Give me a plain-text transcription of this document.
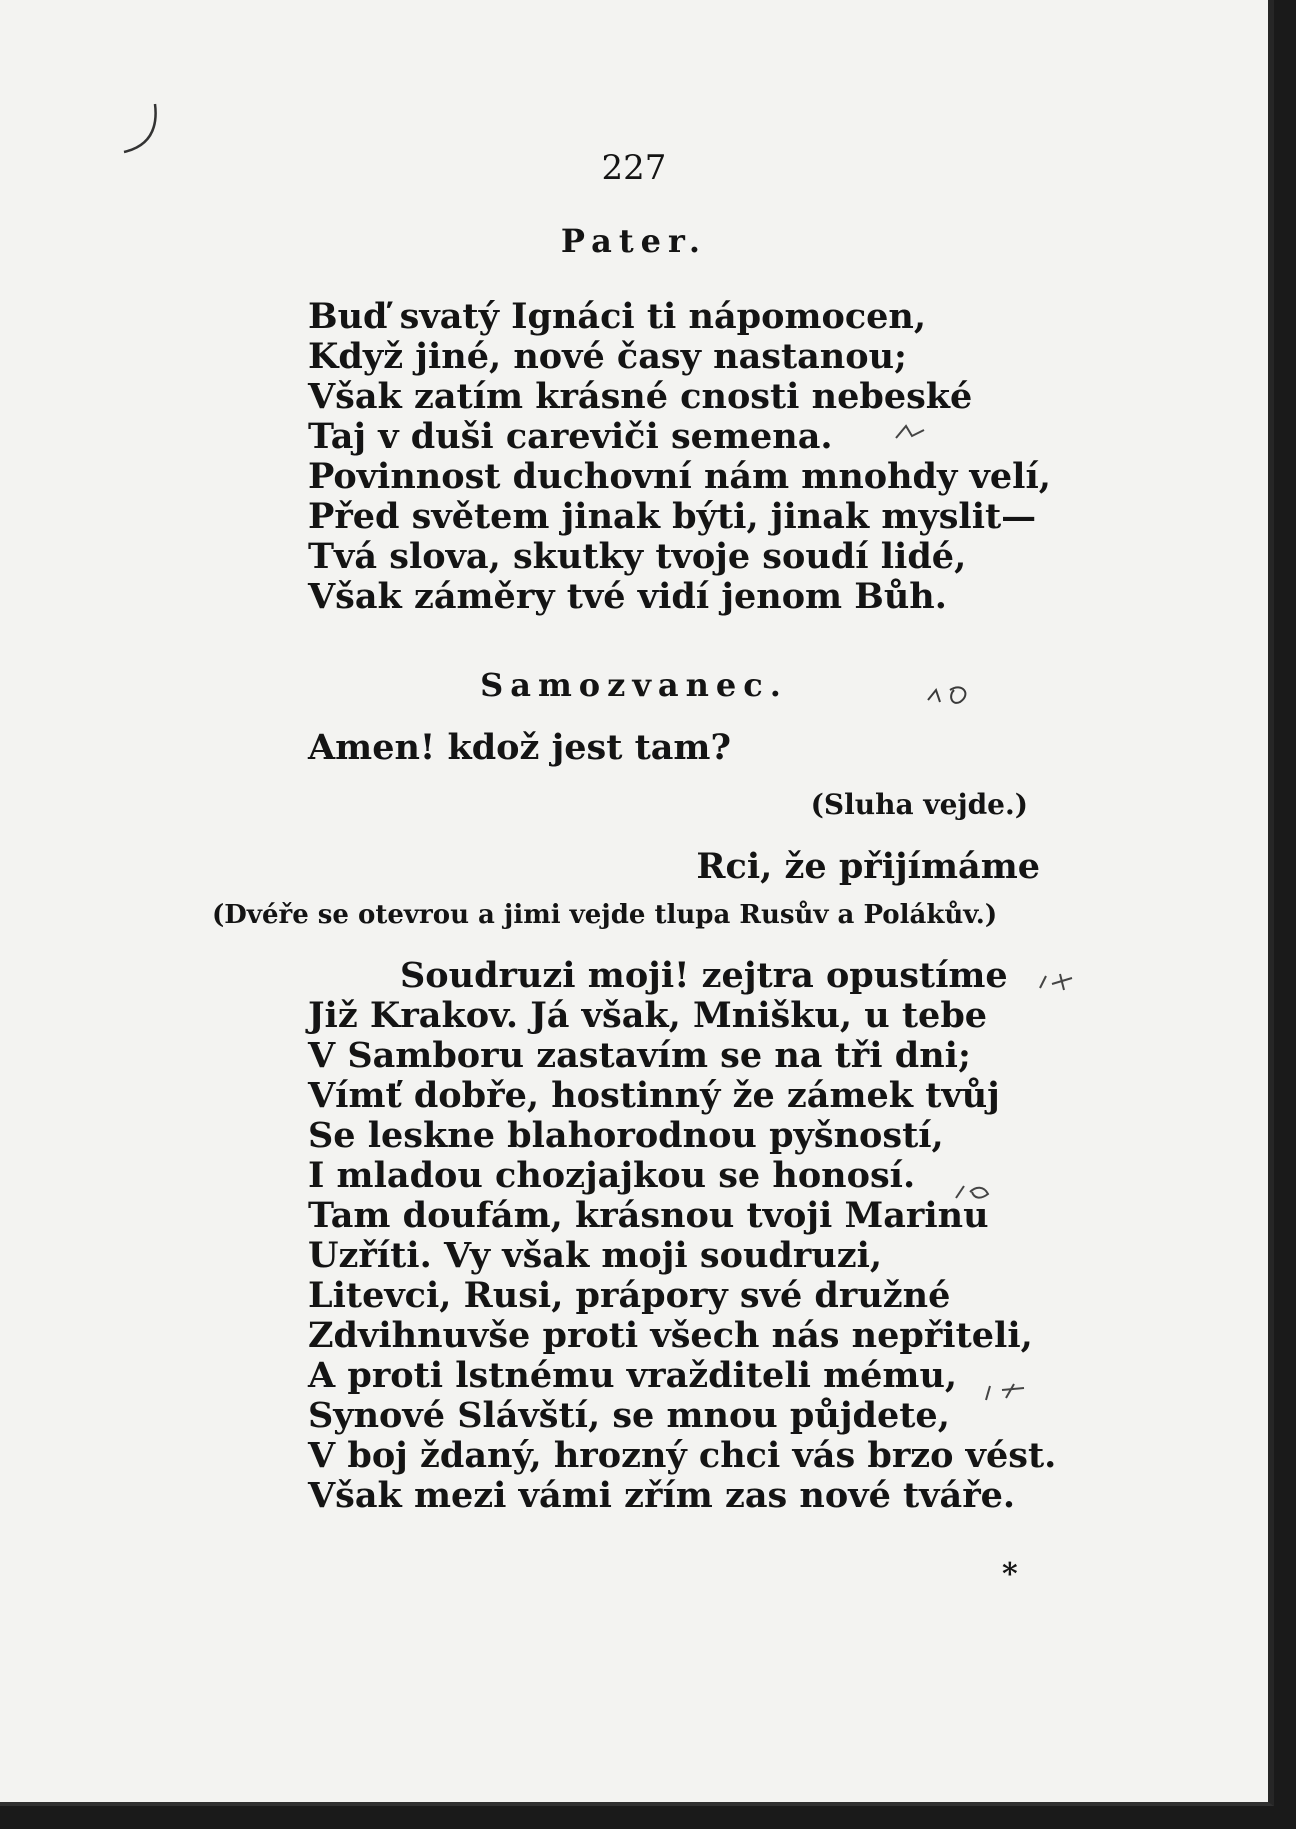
227
Pater.
Buď svatý Ignáci ti nápomocen,
Když jiné, nové časy nastanou;
Však zatím krásné cnosti nebeské
Taj v duši careviči semena.
Povinnost duchovní nám mnohdy velí,
Před světem jinak býti, jinak myslit—
Tvá slova, skutky tvoje soudí lidé,
Však záměry tvé vidí jenom Bůh.
Samozvanec.
Amen! kdož jest tam?
(Sluha vejde.)
Rci, že přijímáme
(Dvéře se otevrou a jimi vejde tlupa Rusův a Polákův.)
Soudruzi moji! zejtra opustíme
Již Krakov. Já však, Mnišku, u tebe
V Samboru zastavím se na tři dni;
Vímť dobře, hostinný že zámek tvůj
Se leskne blahorodnou pyšností,
I mladou chozjajkou se honosí.
Tam doufám, krásnou tvoji Marinu
Uzříti. Vy však moji soudruzi,
Litevci, Rusi, prápory své družné
Zdvihnuvše proti všech nás nepřiteli,
A proti lstnému vražditeli mému,
Synové Slávští, se mnou půjdete,
V boj ždaný, hrozný chci vás brzo vést.
Však mezi vámi zřím zas nové tváře.
*
